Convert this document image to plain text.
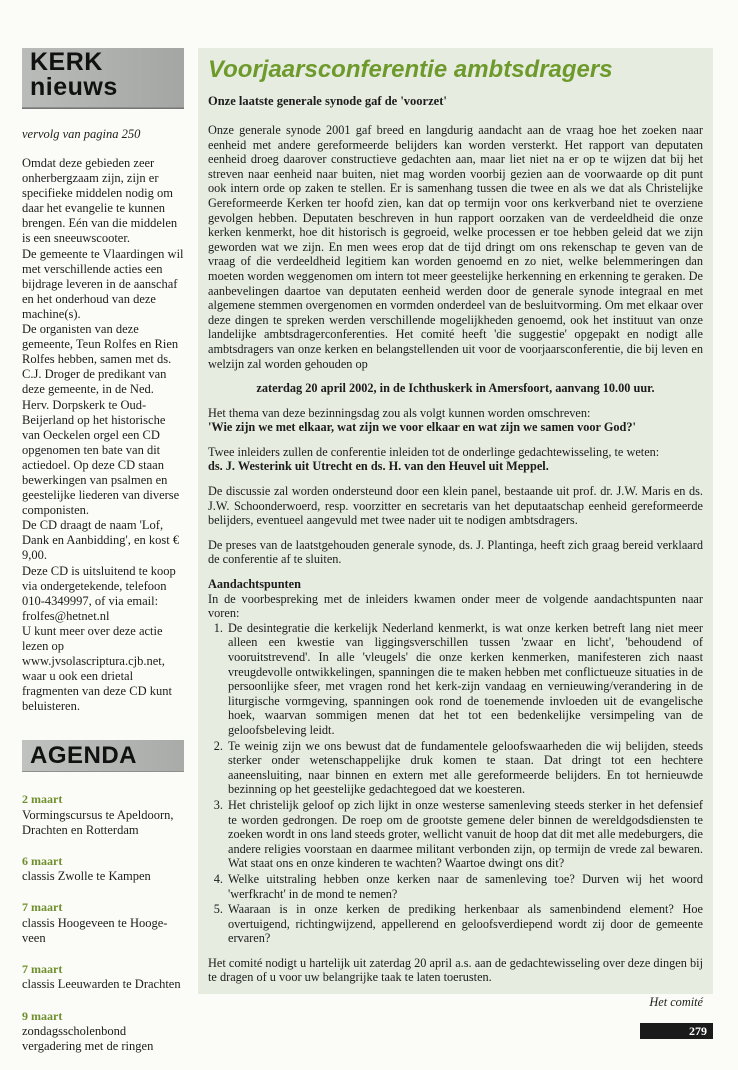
KERK
nieuws
vervolg van pagina 250

Omdat deze gebieden zeer onherbergzaam zijn, zijn er specifieke middelen nodig om daar het evangelie te kunnen brengen. Eén van die middelen is een sneeuwscooter.

De gemeente te Vlaardingen wil met verschillende acties een bijdrage leveren in de aanschaf en het onderhoud van deze machine(s).

De organisten van deze gemeente, Teun Rolfes en Rien Rolfes hebben, samen met ds. C.J. Droger de predikant van deze gemeente, in de Ned. Herv. Dorpskerk te Oud-Beijerland op het historische van Oeckelen orgel een CD opgenomen ten bate van dit actiedoel. Op deze CD staan bewerkingen van psalmen en geestelijke liederen van diverse componisten.

De CD draagt de naam 'Lof, Dank en Aanbidding', en kost € 9,00.

Deze CD is uitsluitend te koop via ondergetekende, telefoon 010-4349997, of via email: frolfes@hetnet.nl

U kunt meer over deze actie lezen op www.jvsolascriptura.cjb.net, waar u ook een drietal fragmenten van deze CD kunt beluisteren.

AGENDA
2 maart
Vormingscursus te Apeldoorn, Drachten en Rotterdam
6 maart
classis Zwolle te Kampen
7 maart
classis Hoogeveen te Hooge-veen
7 maart
classis Leeuwarden te Drachten
9 maart
zondagsscholenbond vergadering met de ringen
Voorjaarsconferentie ambtsdragers
Onze laatste generale synode gaf de 'voorzet'

Onze generale synode 2001 gaf breed en langdurig aandacht aan de vraag hoe het zoeken naar eenheid met andere gereformeerde belijders kan worden versterkt. Het rapport van deputaten eenheid droeg daarover constructieve gedachten aan, maar liet niet na er op te wijzen dat bij het streven naar eenheid naar buiten, niet mag worden voorbij gezien aan de voorwaarde op dit punt ook intern orde op zaken te stellen. Er is samenhang tussen die twee en als we dat als Christelijke Gereformeerde Kerken ter hoofd zien, kan dat op termijn voor ons kerkverband niet te overziene gevolgen hebben. Deputaten beschreven in hun rapport oorzaken van de verdeeldheid die onze kerken kenmerkt, hoe dit historisch is gegroeid, welke processen er toe hebben geleid dat we zijn geworden wat we zijn. En men wees erop dat de tijd dringt om ons rekenschap te geven van de vraag of die verdeeldheid legitiem kan worden genoemd en zo niet, welke belemmeringen dan moeten worden weggenomen om intern tot meer geestelijke herkenning en erkenning te geraken. De aanbevelingen daartoe van deputaten eenheid werden door de generale synode integraal en met algemene stemmen overgenomen en vormden onderdeel van de besluitvorming. Om met elkaar over deze dingen te spreken werden verschillende mogelijkheden genoemd, ook het instituut van onze landelijke ambtsdragerconferenties. Het comité heeft 'die suggestie' opgepakt en nodigt alle ambtsdragers van onze kerken en belangstellenden uit voor de voorjaarsconferentie, die bij leven en welzijn zal worden gehouden op

zaterdag 20 april 2002, in de Ichthuskerk in Amersfoort, aanvang 10.00 uur.

Het thema van deze bezinningsdag zou als volgt kunnen worden omschreven:
'Wie zijn we met elkaar, wat zijn we voor elkaar en wat zijn we samen voor God?'

Twee inleiders zullen de conferentie inleiden tot de onderlinge gedachtewisseling, te weten:
ds. J. Westerink uit Utrecht en ds. H. van den Heuvel uit Meppel.

De discussie zal worden ondersteund door een klein panel, bestaande uit prof. dr. J.W. Maris en ds. J.W. Schoonderwoerd, resp. voorzitter en secretaris van het deputaatschap eenheid gereformeerde belijders, eventueel aangevuld met twee nader uit te nodigen ambtsdragers.

De preses van de laatstgehouden generale synode, ds. J. Plantinga, heeft zich graag bereid verklaard de conferentie af te sluiten.

Aandachtspunten
In de voorbespreking met de inleiders kwamen onder meer de volgende aandachtspunten naar voren:

1. De desintegratie die kerkelijk Nederland kenmerkt, is wat onze kerken betreft lang niet meer alleen een kwestie van liggingsverschillen tussen 'zwaar en licht', 'behoudend of vooruitstrevend'. In alle 'vleugels' die onze kerken kenmerken, manifesteren zich naast vreugdevolle ontwikkelingen, spanningen die te maken hebben met conflictueuze situaties in de persoonlijke sfeer, met vragen rond het kerk-zijn vandaag en vernieuwing/verandering in de liturgische vormgeving, spanningen ook rond de toenemende invloeden uit de evangelische hoek, waarvan sommigen menen dat het tot een bedenkelijke versimpeling van de geloofsbeleving leidt.
2. Te weinig zijn we ons bewust dat de fundamentele geloofswaarheden die wij belijden, steeds sterker onder wetenschappelijke druk komen te staan. Dat dringt tot een hechtere aaneensluiting, naar binnen en extern met alle gereformeerde belijders. En tot hernieuwde bezinning op het geestelijke gedachtegoed dat we koesteren.
3. Het christelijk geloof op zich lijkt in onze westerse samenleving steeds sterker in het defensief te worden gedrongen. De roep om de grootste gemene deler binnen de wereldgodsdiensten te zoeken wordt in ons land steeds groter, wellicht vanuit de hoop dat dit met alle medeburgers, die andere religies voorstaan en daarmee militant verbonden zijn, op termijn de vrede zal bewaren. Wat staat ons en onze kinderen te wachten? Waartoe dwingt ons dit?
4. Welke uitstraling hebben onze kerken naar de samenleving toe? Durven wij het woord 'werfkracht' in de mond te nemen?
5. Waaraan is in onze kerken de prediking herkenbaar als samenbindend element? Hoe overtuigend, richtingwijzend, appellerend en geloofsverdiepend wordt zij door de gemeente ervaren?

Het comité nodigt u hartelijk uit zaterdag 20 april a.s. aan de gedachtewisseling over deze dingen bij te dragen of u voor uw belangrijke taak te laten toerusten.

Het comité
279
